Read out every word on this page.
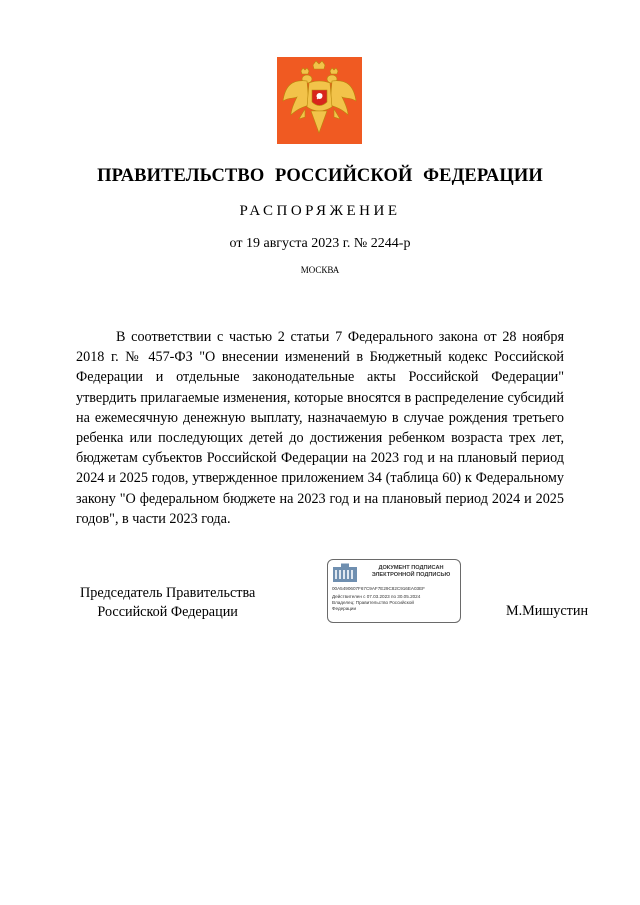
ПРАВИТЕЛЬСТВО РОССИЙСКОЙ ФЕДЕРАЦИИ
РАСПОРЯЖЕНИЕ
от 19 августа 2023 г. № 2244-р
МОСКВА
В соответствии с частью 2 статьи 7 Федерального закона от 28 ноября 2018 г. № 457-ФЗ "О внесении изменений в Бюджетный кодекс Российской Федерации и отдельные законодательные акты Российской Федерации" утвердить прилагаемые изменения, которые вносятся в распределение субсидий на ежемесячную денежную выплату, назначаемую в случае рождения третьего ребенка или последующих детей до достижения ребенком возраста трех лет, бюджетам субъектов Российской Федерации на 2023 год и на плановый период 2024 и 2025 годов, утвержденное приложением 34 (таблица 60) к Федеральному закону "О федеральном бюджете на 2023 год и на плановый период 2024 и 2025 годов", в части 2023 года.
Председатель Правительства
Российской Федерации
ДОКУМЕНТ ПОДПИСАН
ЭЛЕКТРОННОЙ ПОДПИСЬЮ
00A5490607F67C9AF7E29C82C916EA03EF
Действителен с 07.03.2023 по 30.05.2024
Владелец: Правительство Российской
Федерации	М.Мишустин
